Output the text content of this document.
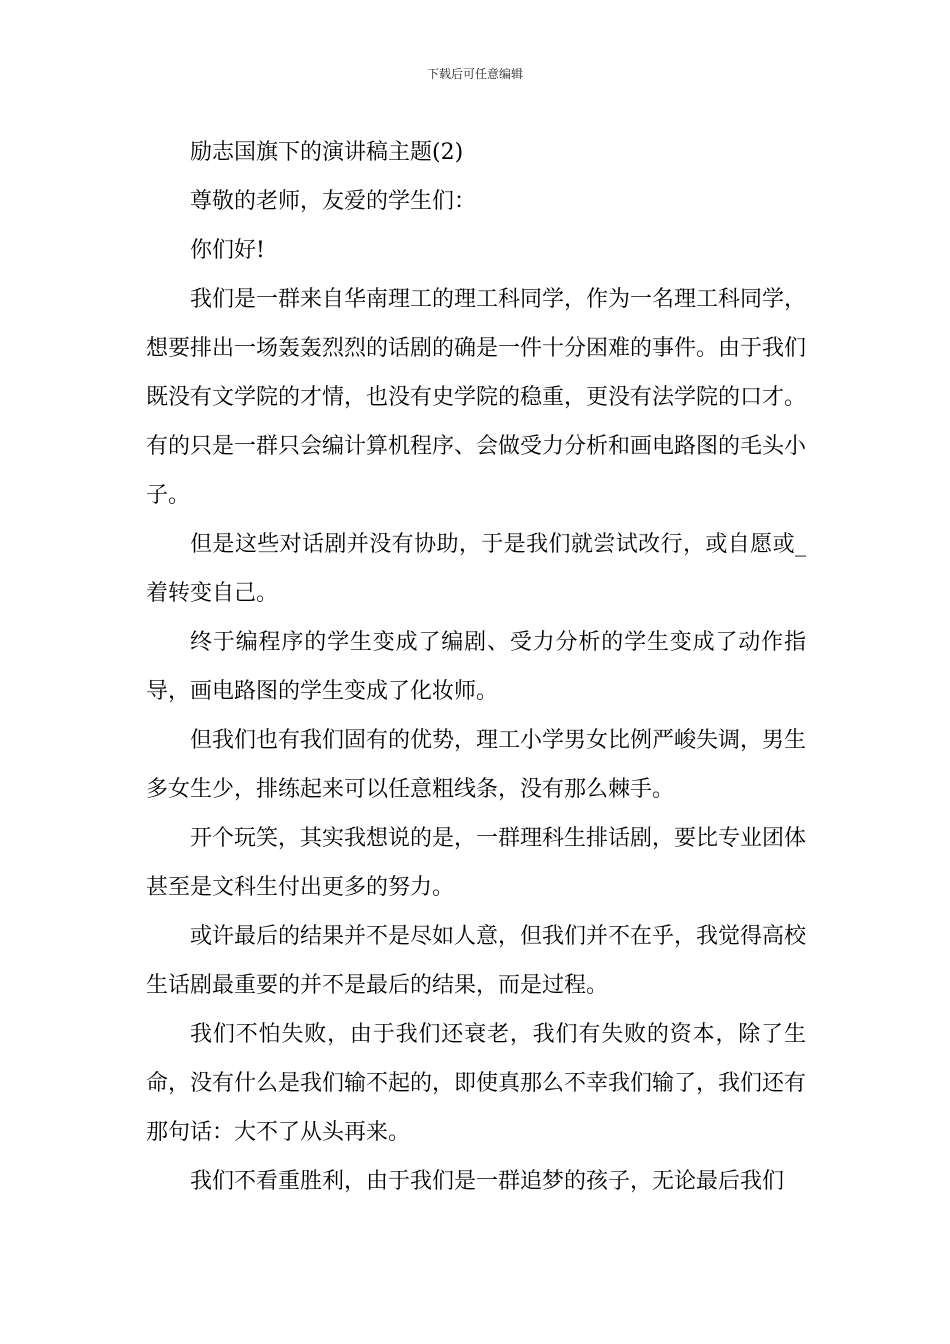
下载后可任意编辑

励志国旗下的演讲稿主题(2)

尊敬的老师，友爱的学生们：

你们好!

我们是一群来自华南理工的理工科同学，作为一名理工科同学，想要排出一场轰轰烈烈的话剧的确是一件十分困难的事件。由于我们既没有文学院的才情，也没有史学院的稳重，更没有法学院的口才。有的只是一群只会编计算机程序、会做受力分析和画电路图的毛头小子。

但是这些对话剧并没有协助，于是我们就尝试改行，或自愿或_着转变自己。

终于编程序的学生变成了编剧、受力分析的学生变成了动作指导，画电路图的学生变成了化妆师。

但我们也有我们固有的优势，理工小学男女比例严峻失调，男生多女生少，排练起来可以任意粗线条，没有那么棘手。

开个玩笑，其实我想说的是，一群理科生排话剧，要比专业团体甚至是文科生付出更多的努力。

或许最后的结果并不是尽如人意，但我们并不在乎，我觉得高校生话剧最重要的并不是最后的结果，而是过程。

我们不怕失败，由于我们还衰老，我们有失败的资本，除了生命，没有什么是我们输不起的，即使真那么不幸我们输了，我们还有那句话：大不了从头再来。

我们不看重胜利，由于我们是一群追梦的孩子，无论最后我们
